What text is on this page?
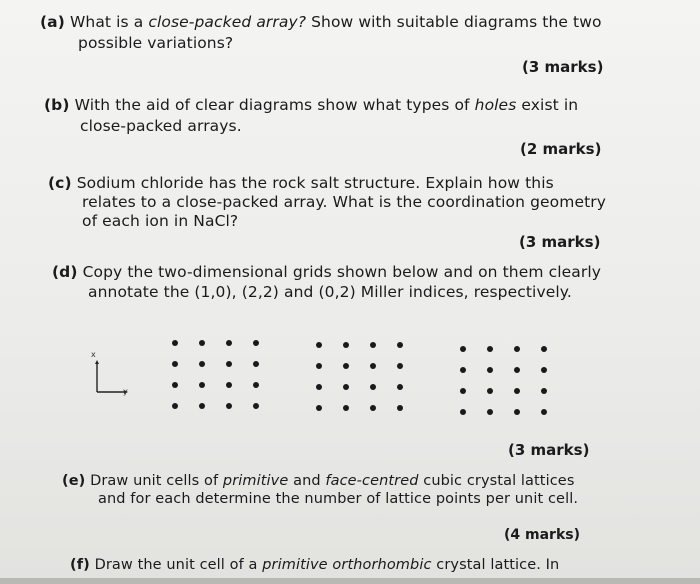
(a) What is a close-packed array? Show with suitable diagrams the two
possible variations?
(3 marks)
(b) With the aid of clear diagrams show what types of holes exist in
close-packed arrays.
(2 marks)
(c) Sodium chloride has the rock salt structure. Explain how this
relates to a close-packed array. What is the coordination geometry
of each ion in NaCl?
(3 marks)
(d) Copy the two-dimensional grids shown below and on them clearly
annotate the (1,0), (2,2) and (0,2) Miller indices, respectively.
x
y
(3 marks)
(e) Draw unit cells of primitive and face-centred cubic crystal lattices
and for each determine the number of lattice points per unit cell.
(4 marks)
(f) Draw the unit cell of a primitive orthorhombic crystal lattice. In
